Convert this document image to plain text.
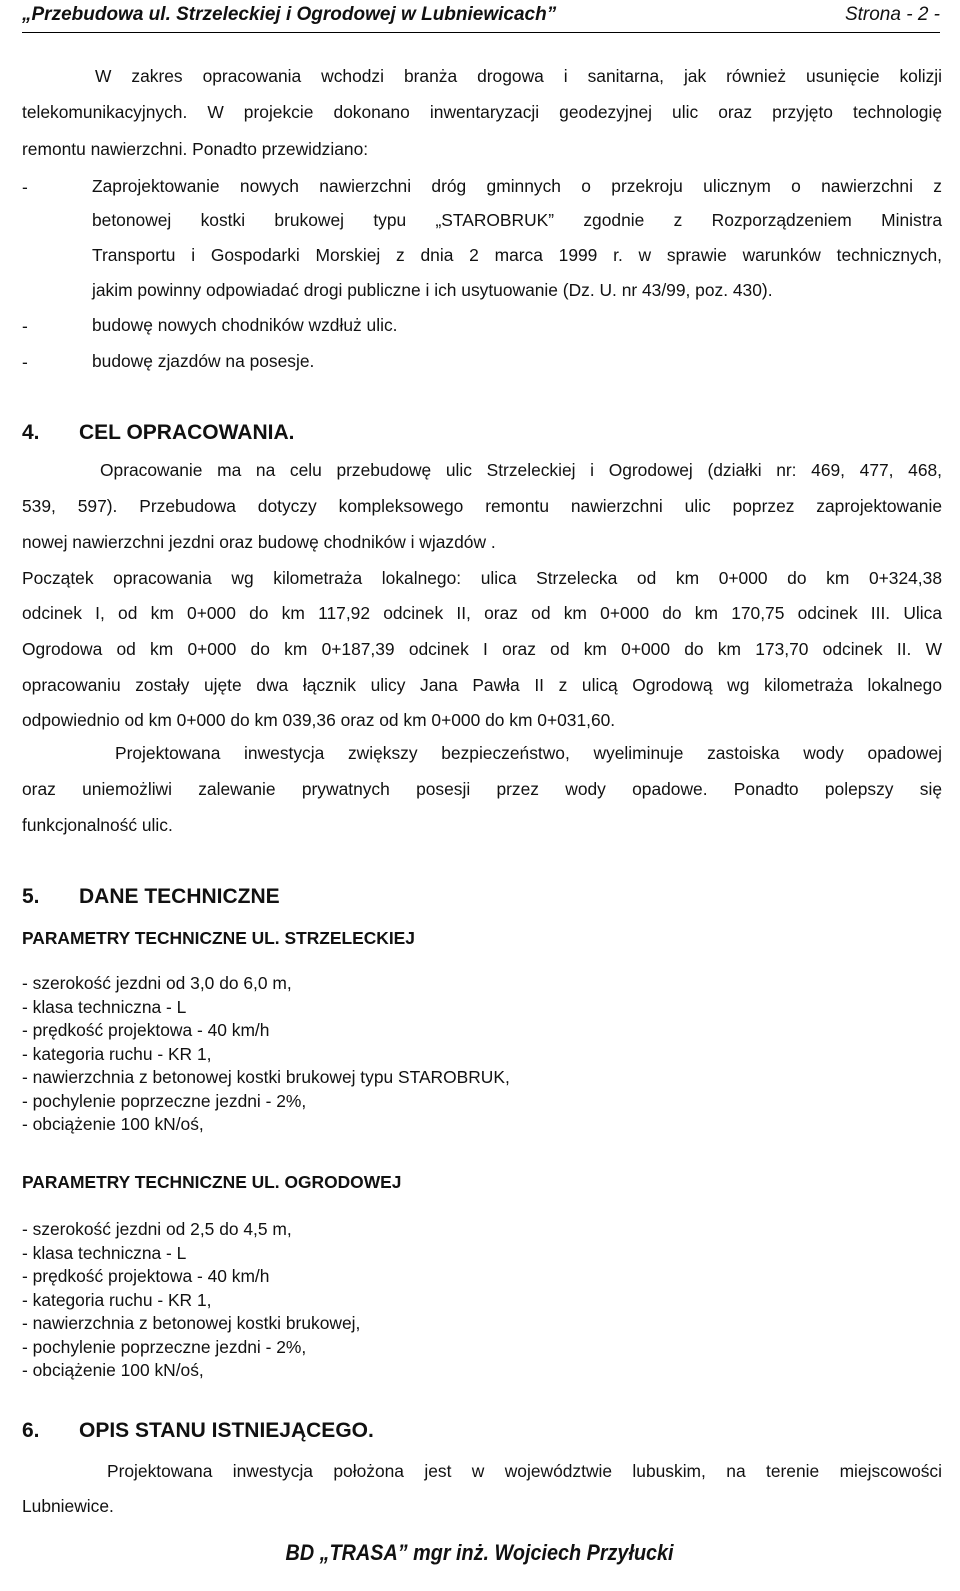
„Przebudowa ul. Strzeleckiej i Ogrodowej w Lubniewicach”	Strona - 2 -
W zakres opracowania wchodzi branża drogowa i sanitarna, jak również usunięcie kolizji
telekomunikacyjnych. W projekcie dokonano inwentaryzacji geodezyjnej ulic oraz przyjęto technologię
remontu nawierzchni. Ponadto przewidziano:
-	Zaprojektowanie nowych nawierzchni dróg gminnych o przekroju ulicznym o nawierzchni z
betonowej kostki brukowej typu „STAROBRUK” zgodnie z Rozporządzeniem Ministra
Transportu i Gospodarki Morskiej z dnia 2 marca 1999 r. w sprawie warunków technicznych,
jakim powinny odpowiadać drogi publiczne i ich usytuowanie (Dz. U. nr 43/99, poz. 430).
-	budowę nowych chodników wzdłuż ulic.
-	budowę zjazdów na posesje.
4. CEL OPRACOWANIA.
Opracowanie ma na celu przebudowę ulic Strzeleckiej i Ogrodowej (działki nr: 469, 477, 468,
539, 597). Przebudowa dotyczy kompleksowego remontu nawierzchni ulic poprzez zaprojektowanie
nowej nawierzchni jezdni oraz budowę chodników i wjazdów .
Początek opracowania wg kilometraża lokalnego: ulica Strzelecka od km 0+000 do km 0+324,38
odcinek I, od km 0+000 do km 117,92 odcinek II, oraz od km 0+000 do km 170,75 odcinek III. Ulica
Ogrodowa od km 0+000 do km 0+187,39 odcinek I oraz od km 0+000 do km 173,70 odcinek II. W
opracowaniu zostały ujęte dwa łącznik ulicy Jana Pawła II z ulicą Ogrodową wg kilometraża lokalnego
odpowiednio od km 0+000 do km 039,36 oraz od km 0+000 do km 0+031,60.
Projektowana inwestycja zwiększy bezpieczeństwo, wyeliminuje zastoiska wody opadowej
oraz uniemożliwi zalewanie prywatnych posesji przez wody opadowe. Ponadto polepszy się
funkcjonalność ulic.
5. DANE TECHNICZNE
PARAMETRY TECHNICZNE UL. STRZELECKIEJ
- szerokość jezdni od 3,0 do 6,0 m,
- klasa techniczna - L
- prędkość projektowa - 40 km/h
- kategoria ruchu - KR 1,
- nawierzchnia z betonowej kostki brukowej typu STAROBRUK,
- pochylenie poprzeczne jezdni - 2%,
- obciążenie 100 kN/oś,
PARAMETRY TECHNICZNE UL. OGRODOWEJ
- szerokość jezdni od 2,5 do 4,5 m,
- klasa techniczna - L
- prędkość projektowa - 40 km/h
- kategoria ruchu - KR 1,
- nawierzchnia z betonowej kostki brukowej,
- pochylenie poprzeczne jezdni - 2%,
- obciążenie 100 kN/oś,
6. OPIS STANU ISTNIEJĄCEGO.
Projektowana inwestycja położona jest w województwie lubuskim, na terenie miejscowości
Lubniewice.
BD „TRASA” mgr inż. Wojciech Przyłucki
